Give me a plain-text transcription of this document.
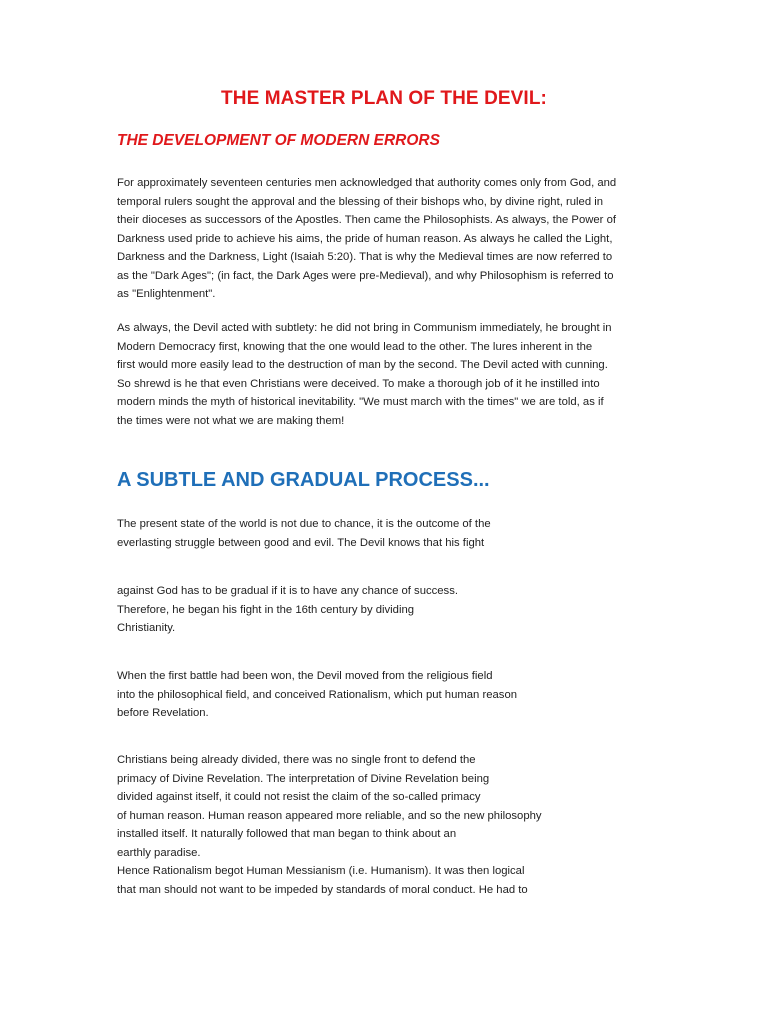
THE MASTER PLAN OF THE DEVIL:
THE DEVELOPMENT OF MODERN ERRORS
For approximately seventeen centuries men acknowledged that authority comes only from God, and
temporal rulers sought the approval and the blessing of their bishops who, by divine right, ruled in
their dioceses as successors of the Apostles. Then came the Philosophists. As always, the Power of
Darkness used pride to achieve his aims, the pride of human reason. As always he called the Light,
Darkness and the Darkness, Light (Isaiah 5:20). That is why the Medieval times are now referred to
as the "Dark Ages"; (in fact, the Dark Ages were pre-Medieval), and why Philosophism is referred to
as "Enlightenment".
As always, the Devil acted with subtlety: he did not bring in Communism immediately, he brought in
Modern Democracy first, knowing that the one would lead to the other. The lures inherent in the
first would more easily lead to the destruction of man by the second. The Devil acted with cunning.
So shrewd is he that even Christians were deceived. To make a thorough job of it he instilled into
modern minds the myth of historical inevitability. "We must march with the times" we are told, as if
the times were not what we are making them!
A SUBTLE AND GRADUAL PROCESS...
The present state of the world is not due to chance, it is the outcome of the
everlasting struggle between good and evil. The Devil knows that his fight
against God has to be gradual if it is to have any chance of success.
Therefore, he began his fight in the 16th century by dividing
Christianity.
When the first battle had been won, the Devil moved from the religious field
into the philosophical field, and conceived Rationalism, which put human reason
before Revelation.
Christians being already divided, there was no single front to defend the
primacy of Divine Revelation. The interpretation of Divine Revelation being
divided against itself, it could not resist the claim of the so-called primacy
of human reason. Human reason appeared more reliable, and so the new philosophy
installed itself. It naturally followed that man began to think about an
earthly paradise.
Hence Rationalism begot Human Messianism (i.e. Humanism). It was then logical
that man should not want to be impeded by standards of moral conduct. He had to
